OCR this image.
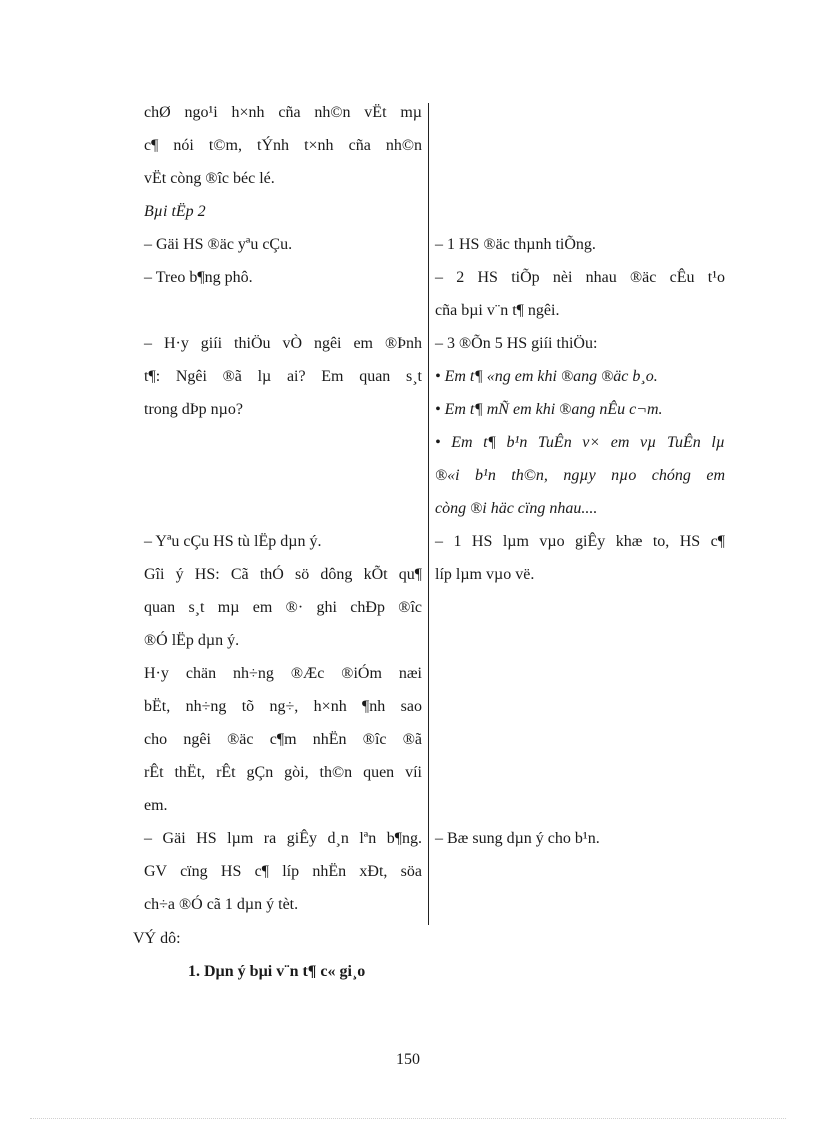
chØ ngo¹i h×nh cña nh©n vËt mµ
c¶ nói t©m, tÝnh t×nh cña nh©n
vËt còng ®îc béc lé.
Bµi tËp 2
– Gäi HS ®äc yªu cÇu.
– Treo b¶ng phô.
– H·y giíi thiÖu vÒ ngêi em ®Þnh
t¶: Ngêi ®ã lµ ai? Em quan s¸t
trong dÞp nµo?
– Yªu cÇu HS tù lËp dµn ý.
Gîi ý HS: Cã thÓ sö dông kÕt qu¶
quan s¸t mµ em ®· ghi chÐp ®îc
®Ó lËp dµn ý.
H·y chän nh÷ng ®Æc ®iÓm næi
bËt, nh÷ng tõ ng÷, h×nh ¶nh sao
cho ngêi ®äc c¶m nhËn ®îc ®ã
rÊt thËt, rÊt gÇn gòi, th©n quen víi
em.
– Gäi HS lµm ra giÊy d¸n lªn b¶ng.
GV cïng HS c¶ líp nhËn xÐt, söa
ch÷a ®Ó cã 1 dµn ý tèt.
– 1 HS ®äc thµnh tiÕng.
– 2 HS tiÕp nèi nhau ®äc cÊu t¹o
cña bµi v¨n t¶ ngêi.
– 3 ®Õn 5 HS giíi thiÖu:
• Em t¶ «ng em khi ®ang ®äc b¸o.
• Em t¶ mÑ em khi ®ang nÊu c¬m.
• Em t¶ b¹n TuÊn v× em vµ TuÊn lµ
®«i b¹n th©n, ngµy nµo chóng em
còng ®i häc cïng nhau....
– 1 HS lµm vµo giÊy khæ to, HS c¶
líp lµm vµo vë.
– Bæ sung dµn ý cho b¹n.
VÝ dô:
1. Dµn ý bµi v¨n t¶ c« gi¸o
150
